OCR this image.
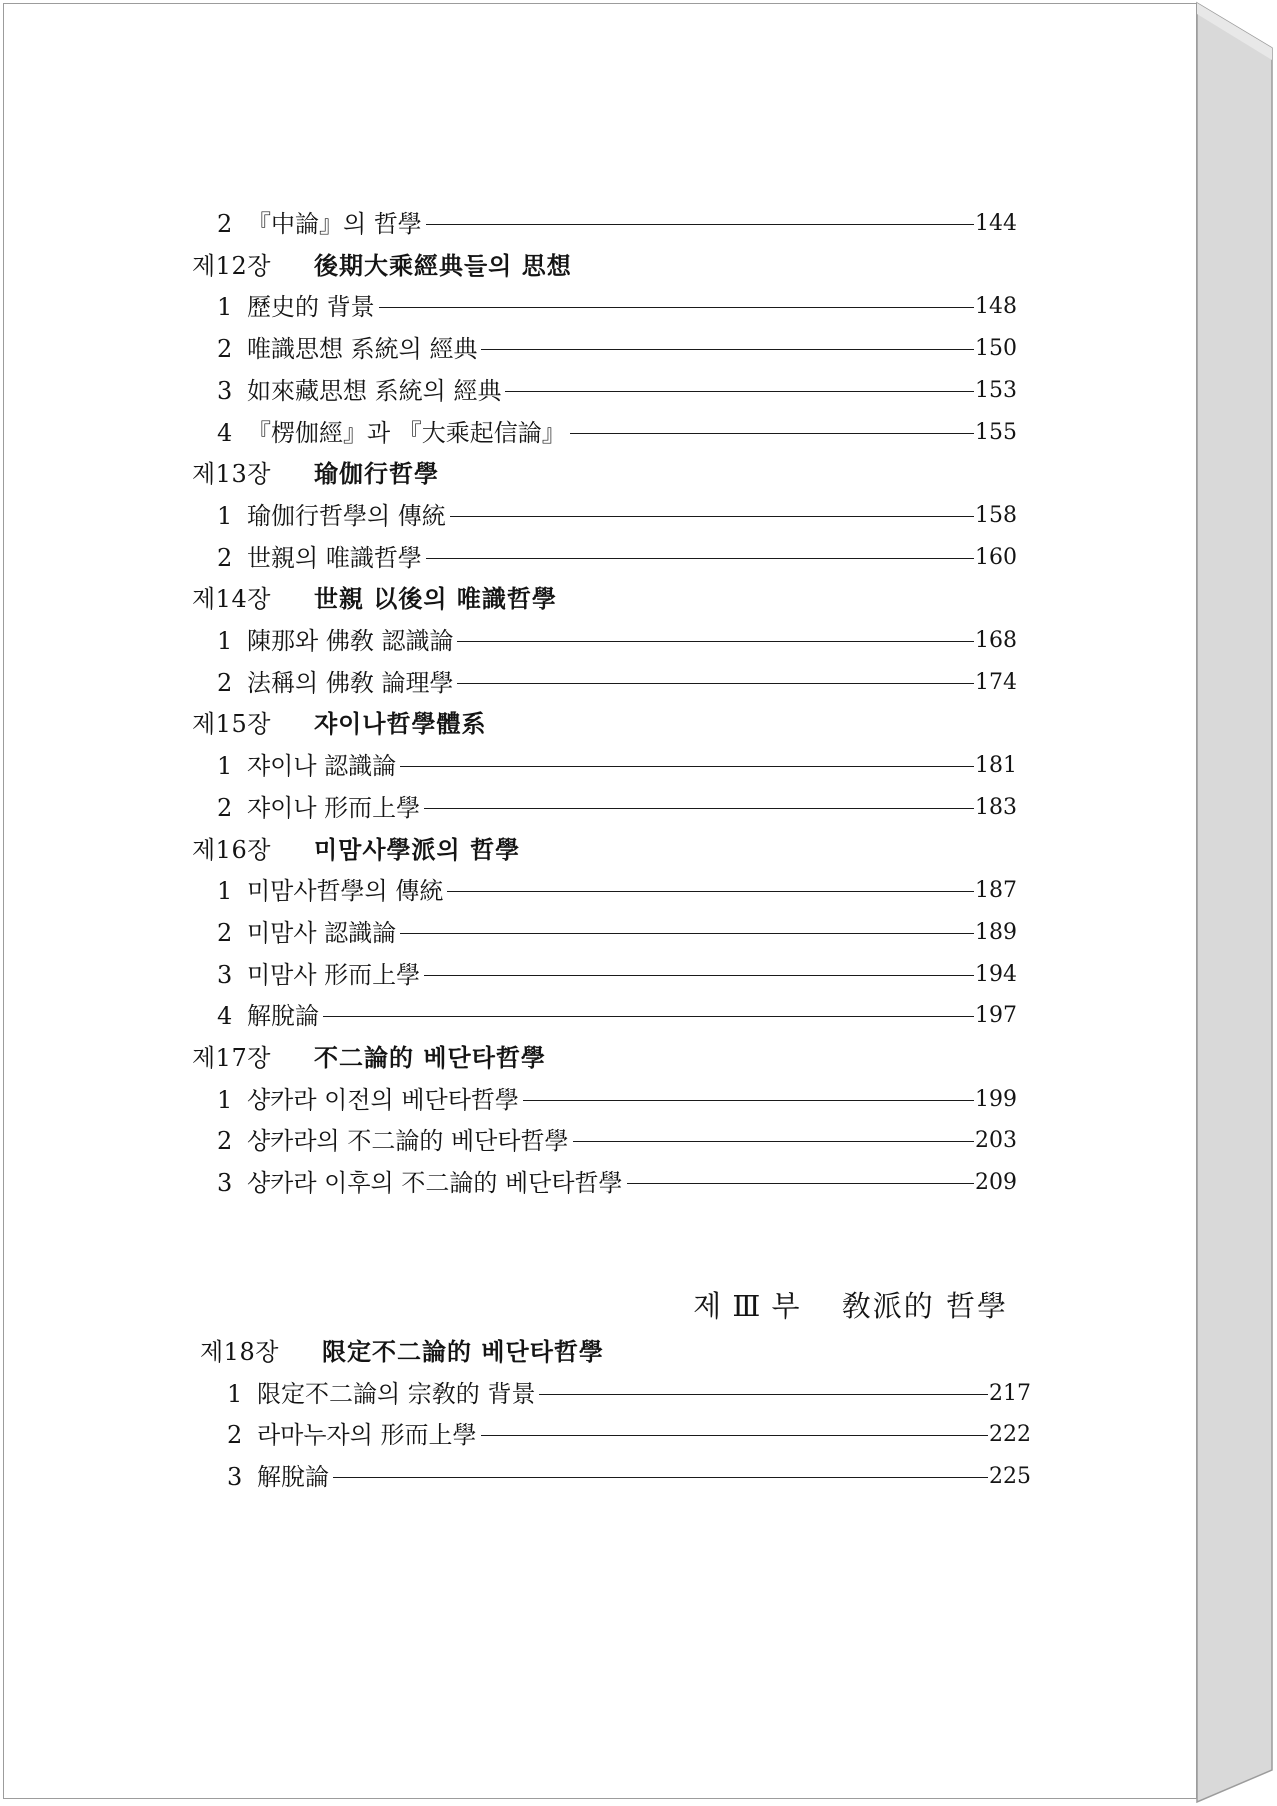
제 Ⅲ 부 敎派的 哲學
2 『中論』의 哲學	144
제12장 後期大乘經典들의 思想
1 歷史的 背景	148
2 唯識思想 系統의 經典	150
3 如來藏思想 系統의 經典	153
4 『楞伽經』과 『大乘起信論』	155
제13장 瑜伽行哲學
1 瑜伽行哲學의 傳統	158
2 世親의 唯識哲學	160
제14장 世親 以後의 唯識哲學
1 陳那와 佛敎 認識論	168
2 法稱의 佛敎 論理學	174
제15장 쟈이나哲學體系
1 쟈이나 認識論	181
2 쟈이나 形而上學	183
제16장 미맘사學派의 哲學
1 미맘사哲學의 傳統	187
2 미맘사 認識論	189
3 미맘사 形而上學	194
4 解脫論	197
제17장 不二論的 베단타哲學
1 샹카라 이전의 베단타哲學	199
2 샹카라의 不二論的 베단타哲學	203
3 샹카라 이후의 不二論的 베단타哲學	209
제18장 限定不二論的 베단타哲學
1 限定不二論의 宗敎的 背景	217
2 라마누자의 形而上學	222
3 解脫論	225
